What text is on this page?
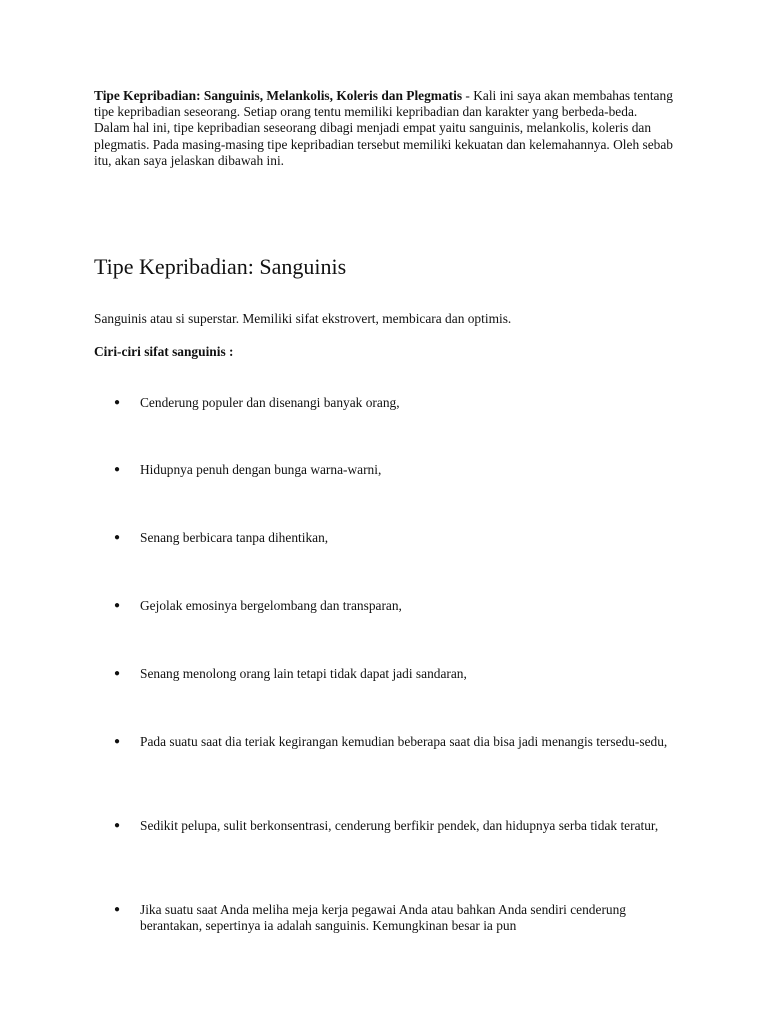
Tipe Kepribadian: Sanguinis, Melankolis, Koleris dan Plegmatis - Kali ini saya akan membahas tentang tipe kepribadian seseorang. Setiap orang tentu memiliki kepribadian dan karakter yang berbeda-beda. Dalam hal ini, tipe kepribadian seseorang dibagi menjadi empat yaitu sanguinis, melankolis, koleris dan plegmatis. Pada masing-masing tipe kepribadian tersebut memiliki kekuatan dan kelemahannya. Oleh sebab itu, akan saya jelaskan dibawah ini.

Tipe Kepribadian: Sanguinis

Sanguinis atau si superstar. Memiliki sifat ekstrovert, membicara dan optimis.

Ciri-ciri sifat sanguinis :

● Cenderung populer dan disenangi banyak orang,
● Hidupnya penuh dengan bunga warna-warni,
● Senang berbicara tanpa dihentikan,
● Gejolak emosinya bergelombang dan transparan,
● Senang menolong orang lain tetapi tidak dapat jadi sandaran,
● Pada suatu saat dia teriak kegirangan kemudian beberapa saat dia bisa jadi menangis tersedu-sedu,
● Sedikit pelupa, sulit berkonsentrasi, cenderung berfikir pendek, dan hidupnya serba tidak teratur,
● Jika suatu saat Anda meliha meja kerja pegawai Anda atau bahkan Anda sendiri cenderung berantakan, sepertinya ia adalah sanguinis. Kemungkinan besar ia pun
